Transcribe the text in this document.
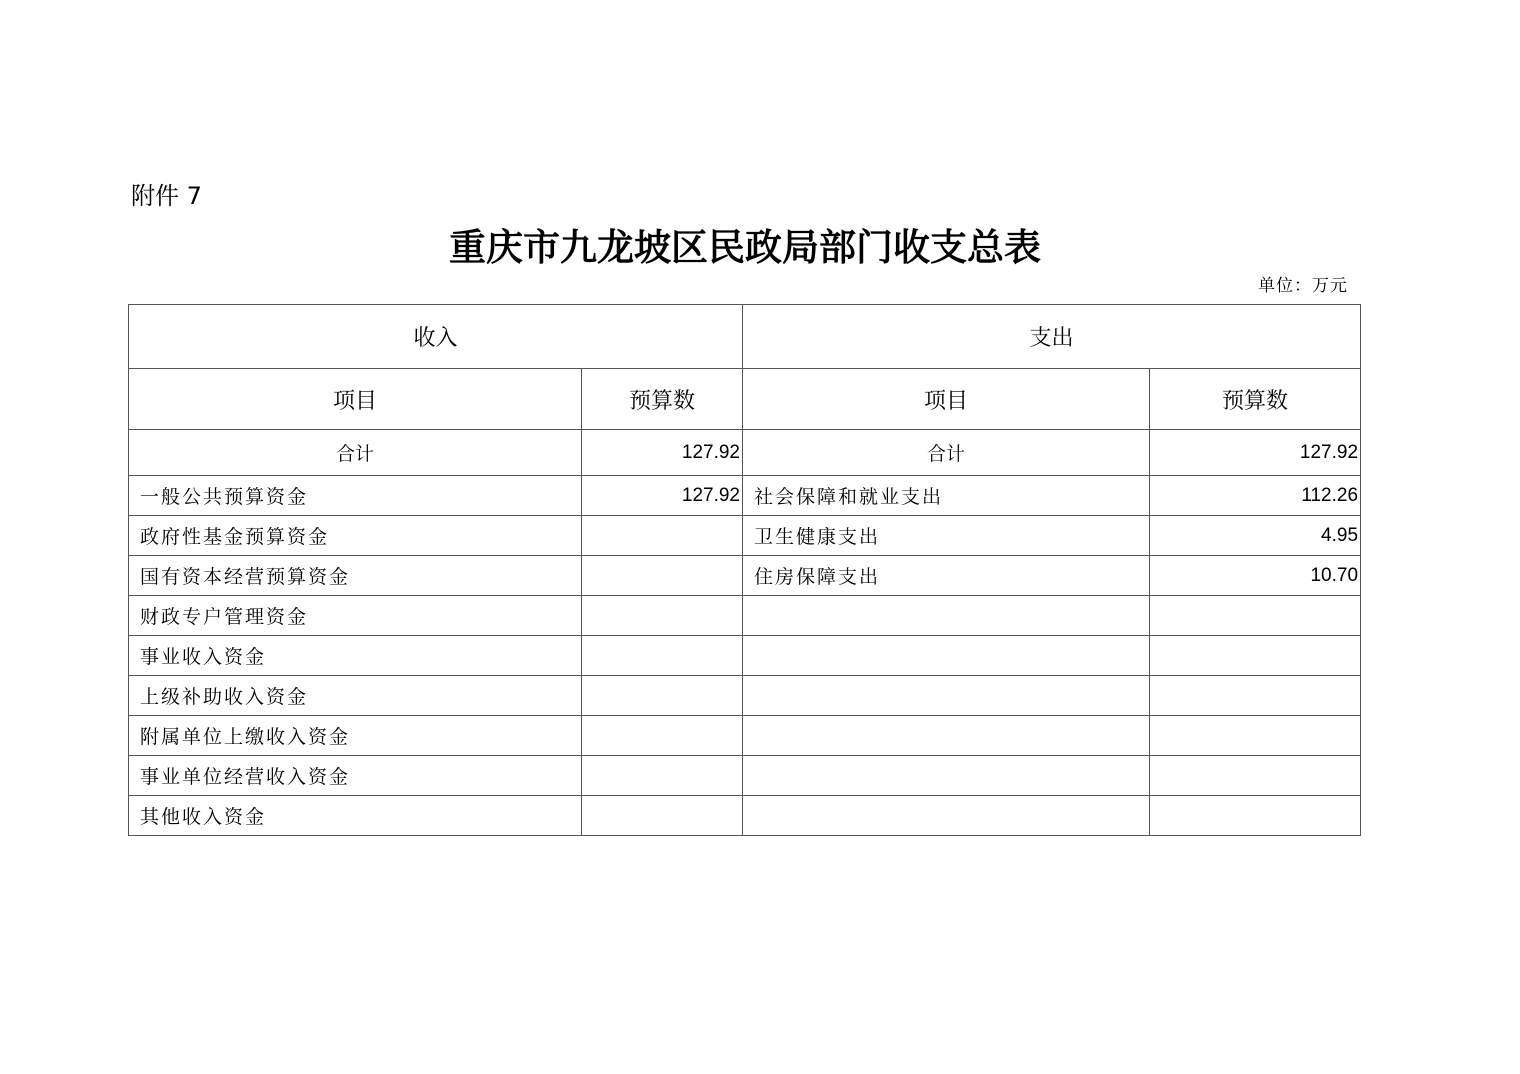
附件 7
重庆市九龙坡区民政局部门收支总表
单位：万元
收入		支出	
项目	预算数	项目	预算数
合计	127.92	合计	127.92
一般公共预算资金	127.92	社会保障和就业支出	112.26
政府性基金预算资金		卫生健康支出	4.95
国有资本经营预算资金		住房保障支出	10.70
财政专户管理资金			
事业收入资金			
上级补助收入资金			
附属单位上缴收入资金			
事业单位经营收入资金			
其他收入资金			
